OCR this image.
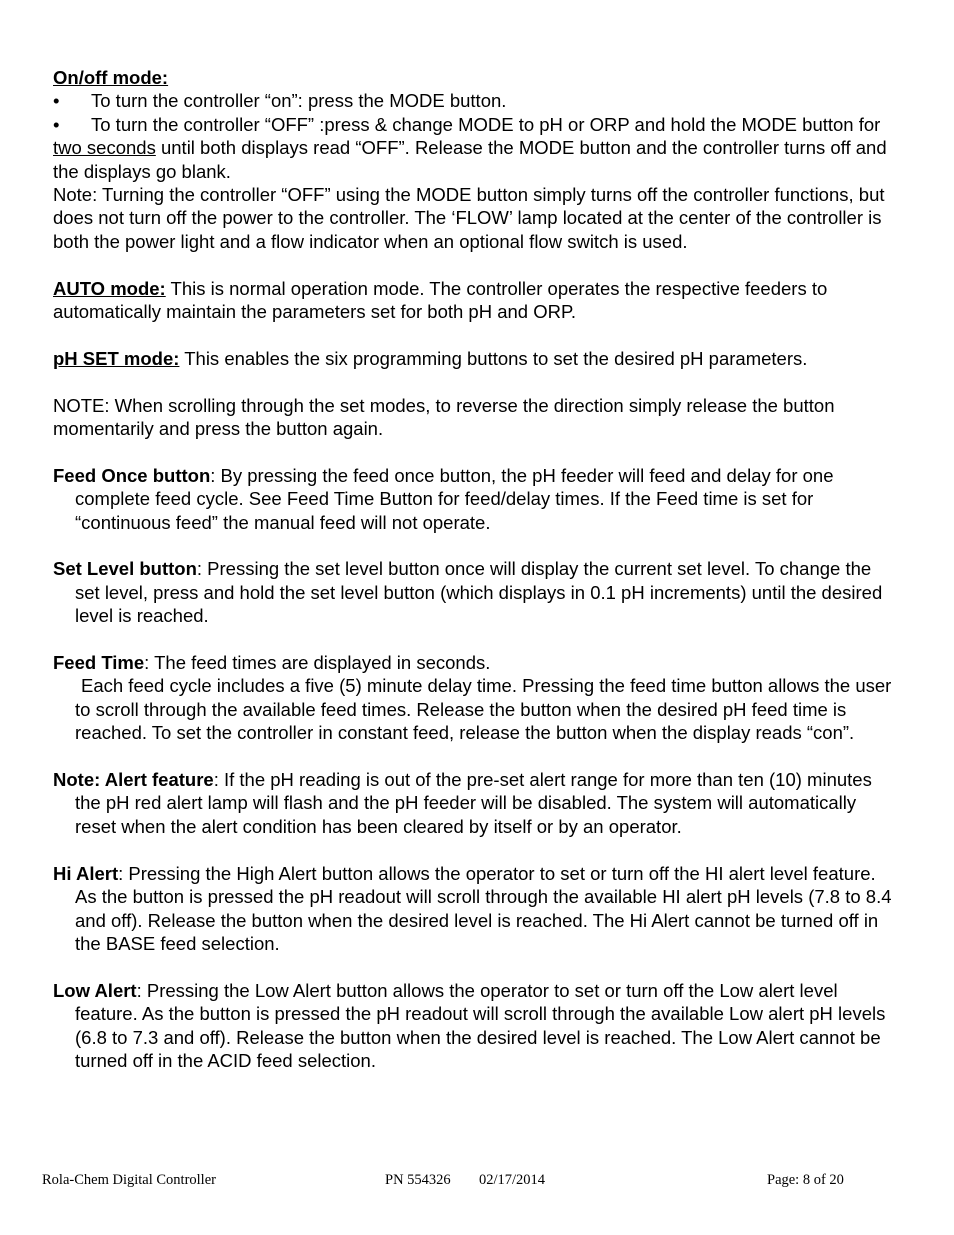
On/off mode:

• To turn the controller “on”: press the MODE button.

• To turn the controller “OFF” :press & change MODE to pH or ORP and hold the MODE button for two seconds until both displays read “OFF”. Release the MODE button and the controller turns off and the displays go blank.

Note: Turning the controller “OFF” using the MODE button simply turns off the controller functions, but does not turn off the power to the controller. The ‘FLOW’ lamp located at the center of the controller is both the power light and a flow indicator when an optional flow switch is used.

AUTO mode: This is normal operation mode. The controller operates the respective feeders to automatically maintain the parameters set for both pH and ORP.

pH SET mode: This enables the six programming buttons to set the desired pH parameters.

NOTE: When scrolling through the set modes, to reverse the direction simply release the button momentarily and press the button again.

Feed Once button: By pressing the feed once button, the pH feeder will feed and delay for one complete feed cycle. See Feed Time Button for feed/delay times. If the Feed time is set for “continuous feed” the manual feed will not operate.

Set Level button: Pressing the set level button once will display the current set level. To change the set level, press and hold the set level button (which displays in 0.1 pH increments) until the desired level is reached.

Feed Time: The feed times are displayed in seconds.

Each feed cycle includes a five (5) minute delay time. Pressing the feed time button allows the user to scroll through the available feed times. Release the button when the desired pH feed time is reached. To set the controller in constant feed, release the button when the display reads “con”.

Note: Alert feature: If the pH reading is out of the pre-set alert range for more than ten (10) minutes the pH red alert lamp will flash and the pH feeder will be disabled. The system will automatically reset when the alert condition has been cleared by itself or by an operator.

Hi Alert: Pressing the High Alert button allows the operator to set or turn off the HI alert level feature. As the button is pressed the pH readout will scroll through the available HI alert pH levels (7.8 to 8.4 and off). Release the button when the desired level is reached. The Hi Alert cannot be turned off in the BASE feed selection.

Low Alert: Pressing the Low Alert button allows the operator to set or turn off the Low alert level feature. As the button is pressed the pH readout will scroll through the available Low alert pH levels (6.8 to 7.3 and off). Release the button when the desired level is reached. The Low Alert cannot be turned off in the ACID feed selection.

Rola-Chem Digital Controller	PN 554326 02/17/2014	Page: 8 of 20
